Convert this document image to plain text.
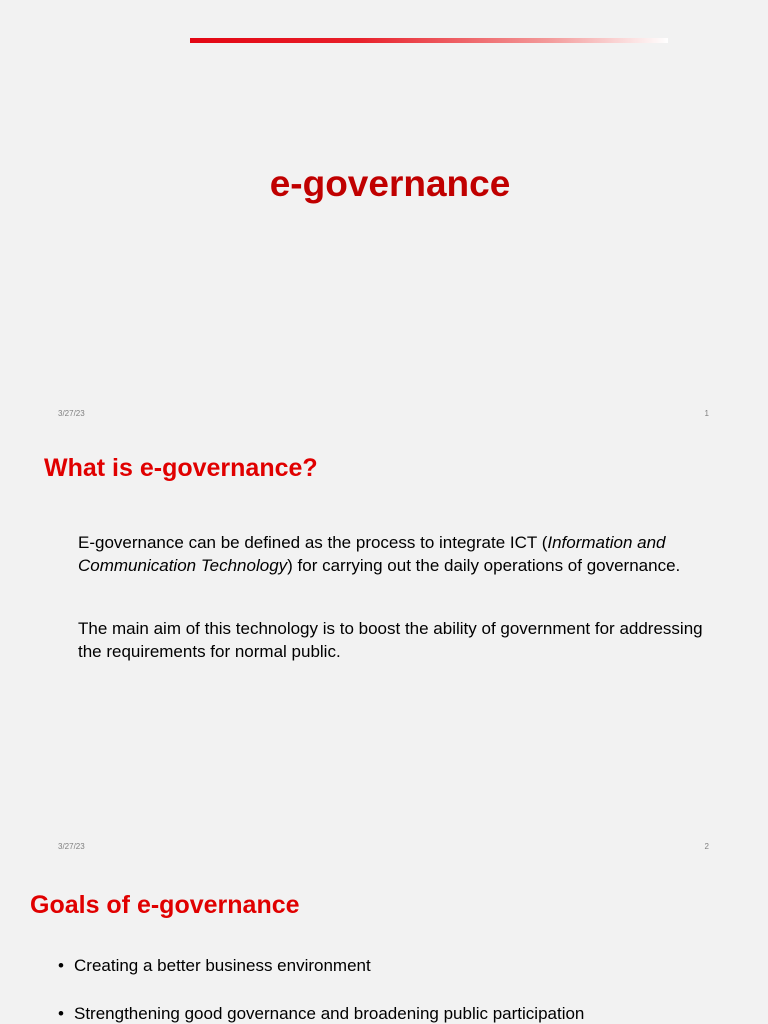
e-governance
3/27/23	1
What is e-governance?
E-governance can be defined as the process to integrate ICT (Information and Communication Technology) for carrying out the daily operations of governance.
The main aim of this technology is to boost the ability of government for addressing the requirements for normal public.
3/27/23	2
Goals of e-governance
• Creating a better business environment
• Strengthening good governance and broadening public participation
